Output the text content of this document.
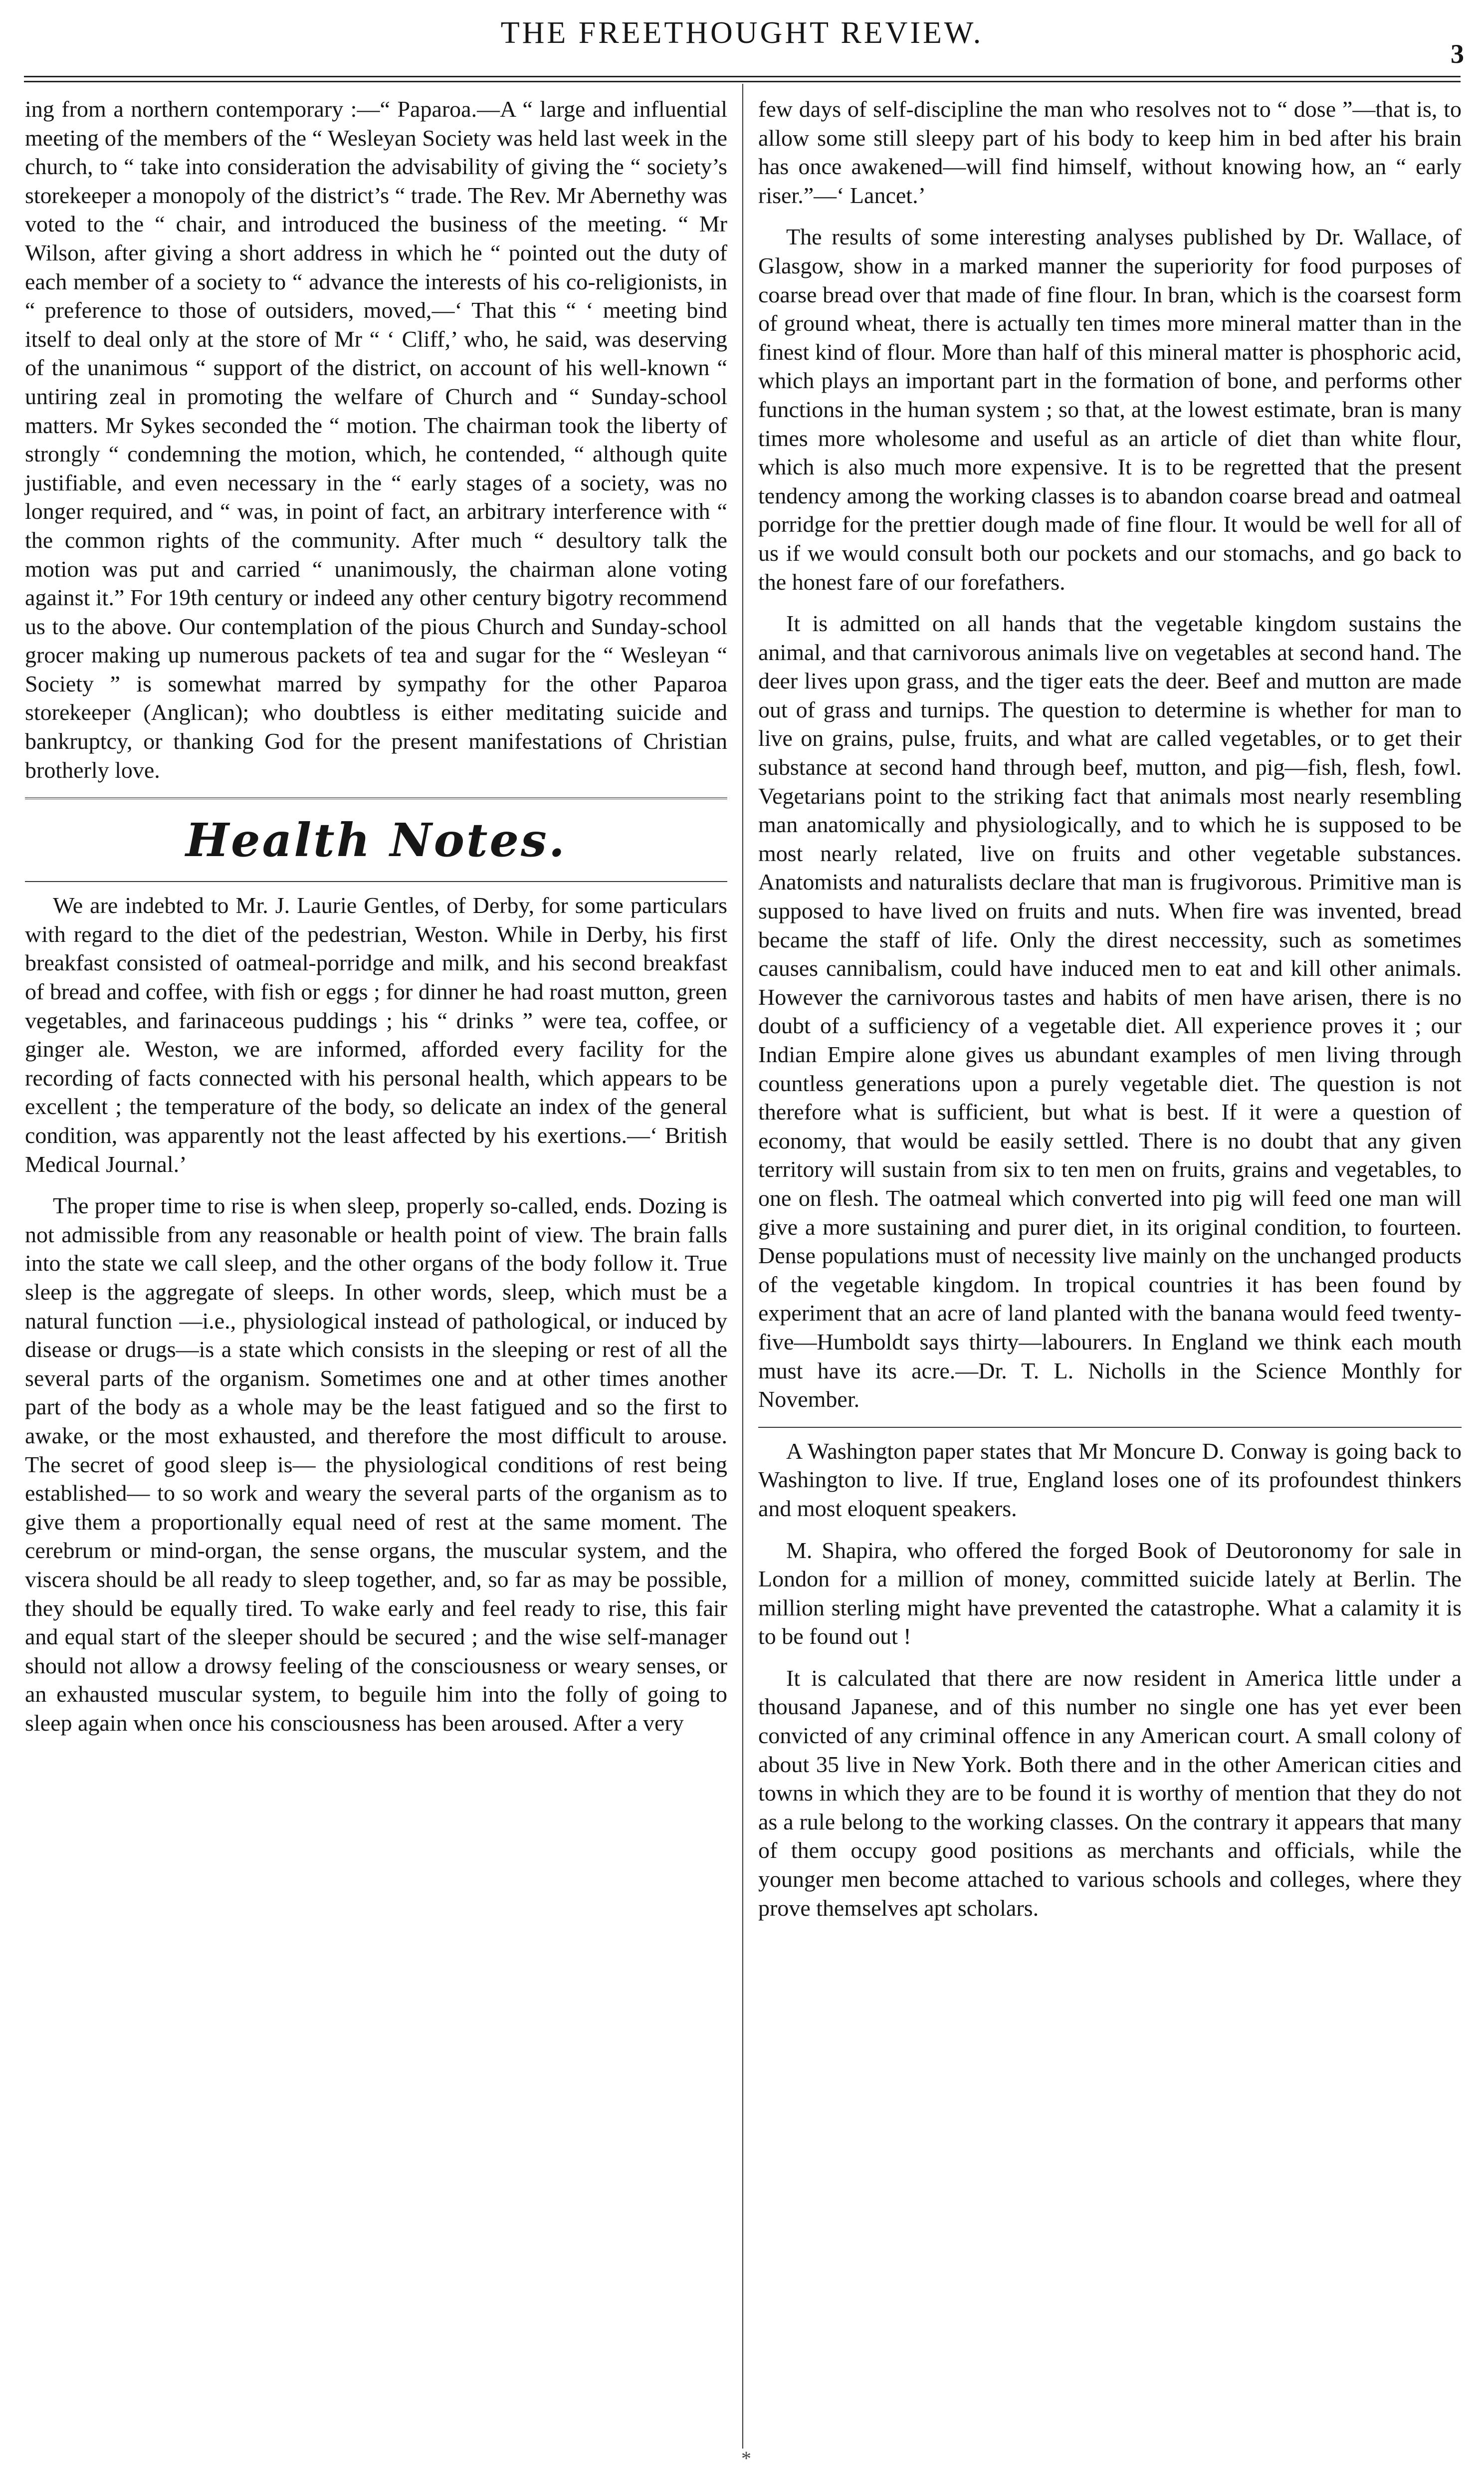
THE FREETHOUGHT REVIEW.
3

ing from a northern contemporary :—“ Paparoa.—A “ large and influential meeting of the members of the “ Wesleyan Society was held last week in the church, to “ take into consideration the advisability of giving the “ society’s storekeeper a monopoly of the district’s “ trade. The Rev. Mr Abernethy was voted to the “ chair, and introduced the business of the meeting. “ Mr Wilson, after giving a short address in which he “ pointed out the duty of each member of a society to “ advance the interests of his co-religionists, in “ preference to those of outsiders, moved,—‘ That this “ ‘ meeting bind itself to deal only at the store of Mr “ ‘ Cliff,’ who, he said, was deserving of the unanimous “ support of the district, on account of his well-known “ untiring zeal in promoting the welfare of Church and “ Sunday-school matters. Mr Sykes seconded the “ motion. The chairman took the liberty of strongly “ condemning the motion, which, he contended, “ although quite justifiable, and even necessary in the “ early stages of a society, was no longer required, and “ was, in point of fact, an arbitrary interference with “ the common rights of the community. After much “ desultory talk the motion was put and carried “ unanimously, the chairman alone voting against it.” For 19th century or indeed any other century bigotry recommend us to the above. Our contemplation of the pious Church and Sunday-school grocer making up numerous packets of tea and sugar for the “ Wesleyan “ Society ” is somewhat marred by sympathy for the other Paparoa storekeeper (Anglican); who doubtless is either meditating suicide and bankruptcy, or thanking God for the present manifestations of Christian brotherly love.

Health Notes.

We are indebted to Mr. J. Laurie Gentles, of Derby, for some particulars with regard to the diet of the pedestrian, Weston. While in Derby, his first breakfast consisted of oatmeal-porridge and milk, and his second breakfast of bread and coffee, with fish or eggs ; for dinner he had roast mutton, green vegetables, and farinaceous puddings ; his “ drinks ” were tea, coffee, or ginger ale. Weston, we are informed, afforded every facility for the recording of facts connected with his personal health, which appears to be excellent ; the temperature of the body, so delicate an index of the general condition, was apparently not the least affected by his exertions.—‘ British Medical Journal.’

The proper time to rise is when sleep, properly so-called, ends. Dozing is not admissible from any reasonable or health point of view. The brain falls into the state we call sleep, and the other organs of the body follow it. True sleep is the aggregate of sleeps. In other words, sleep, which must be a natural function —i.e., physiological instead of pathological, or induced by disease or drugs—is a state which consists in the sleeping or rest of all the several parts of the organism. Sometimes one and at other times another part of the body as a whole may be the least fatigued and so the first to awake, or the most exhausted, and therefore the most difficult to arouse. The secret of good sleep is— the physiological conditions of rest being established— to so work and weary the several parts of the organism as to give them a proportionally equal need of rest at the same moment. The cerebrum or mind-organ, the sense organs, the muscular system, and the viscera should be all ready to sleep together, and, so far as may be possible, they should be equally tired. To wake early and feel ready to rise, this fair and equal start of the sleeper should be secured ; and the wise self-manager should not allow a drowsy feeling of the consciousness or weary senses, or an exhausted muscular system, to beguile him into the folly of going to sleep again when once his consciousness has been aroused. After a very

few days of self-discipline the man who resolves not to “ dose ”—that is, to allow some still sleepy part of his body to keep him in bed after his brain has once awakened—will find himself, without knowing how, an “ early riser.”—‘ Lancet.’

The results of some interesting analyses published by Dr. Wallace, of Glasgow, show in a marked manner the superiority for food purposes of coarse bread over that made of fine flour. In bran, which is the coarsest form of ground wheat, there is actually ten times more mineral matter than in the finest kind of flour. More than half of this mineral matter is phosphoric acid, which plays an important part in the formation of bone, and performs other functions in the human system ; so that, at the lowest estimate, bran is many times more wholesome and useful as an article of diet than white flour, which is also much more expensive. It is to be regretted that the present tendency among the working classes is to abandon coarse bread and oatmeal porridge for the prettier dough made of fine flour. It would be well for all of us if we would consult both our pockets and our stomachs, and go back to the honest fare of our forefathers.

It is admitted on all hands that the vegetable kingdom sustains the animal, and that carnivorous animals live on vegetables at second hand. The deer lives upon grass, and the tiger eats the deer. Beef and mutton are made out of grass and turnips. The question to determine is whether for man to live on grains, pulse, fruits, and what are called vegetables, or to get their substance at second hand through beef, mutton, and pig—fish, flesh, fowl. Vegetarians point to the striking fact that animals most nearly resembling man anatomically and physiologically, and to which he is supposed to be most nearly related, live on fruits and other vegetable substances. Anatomists and naturalists declare that man is frugivorous. Primitive man is supposed to have lived on fruits and nuts. When fire was invented, bread became the staff of life. Only the direst neccessity, such as sometimes causes cannibalism, could have induced men to eat and kill other animals. However the carnivorous tastes and habits of men have arisen, there is no doubt of a sufficiency of a vegetable diet. All experience proves it ; our Indian Empire alone gives us abundant examples of men living through countless generations upon a purely vegetable diet. The question is not therefore what is sufficient, but what is best. If it were a question of economy, that would be easily settled. There is no doubt that any given territory will sustain from six to ten men on fruits, grains and vegetables, to one on flesh. The oatmeal which converted into pig will feed one man will give a more sustaining and purer diet, in its original condition, to fourteen. Dense populations must of necessity live mainly on the unchanged products of the vegetable kingdom. In tropical countries it has been found by experiment that an acre of land planted with the banana would feed twenty-five—Humboldt says thirty—labourers. In England we think each mouth must have its acre.—Dr. T. L. Nicholls in the Science Monthly for November.

A Washington paper states that Mr Moncure D. Conway is going back to Washington to live. If true, England loses one of its profoundest thinkers and most eloquent speakers.

M. Shapira, who offered the forged Book of Deutoronomy for sale in London for a million of money, committed suicide lately at Berlin. The million sterling might have prevented the catastrophe. What a calamity it is to be found out !

It is calculated that there are now resident in America little under a thousand Japanese, and of this number no single one has yet ever been convicted of any criminal offence in any American court. A small colony of about 35 live in New York. Both there and in the other American cities and towns in which they are to be found it is worthy of mention that they do not as a rule belong to the working classes. On the contrary it appears that many of them occupy good positions as merchants and officials, while the younger men become attached to various schools and colleges, where they prove themselves apt scholars.

*
